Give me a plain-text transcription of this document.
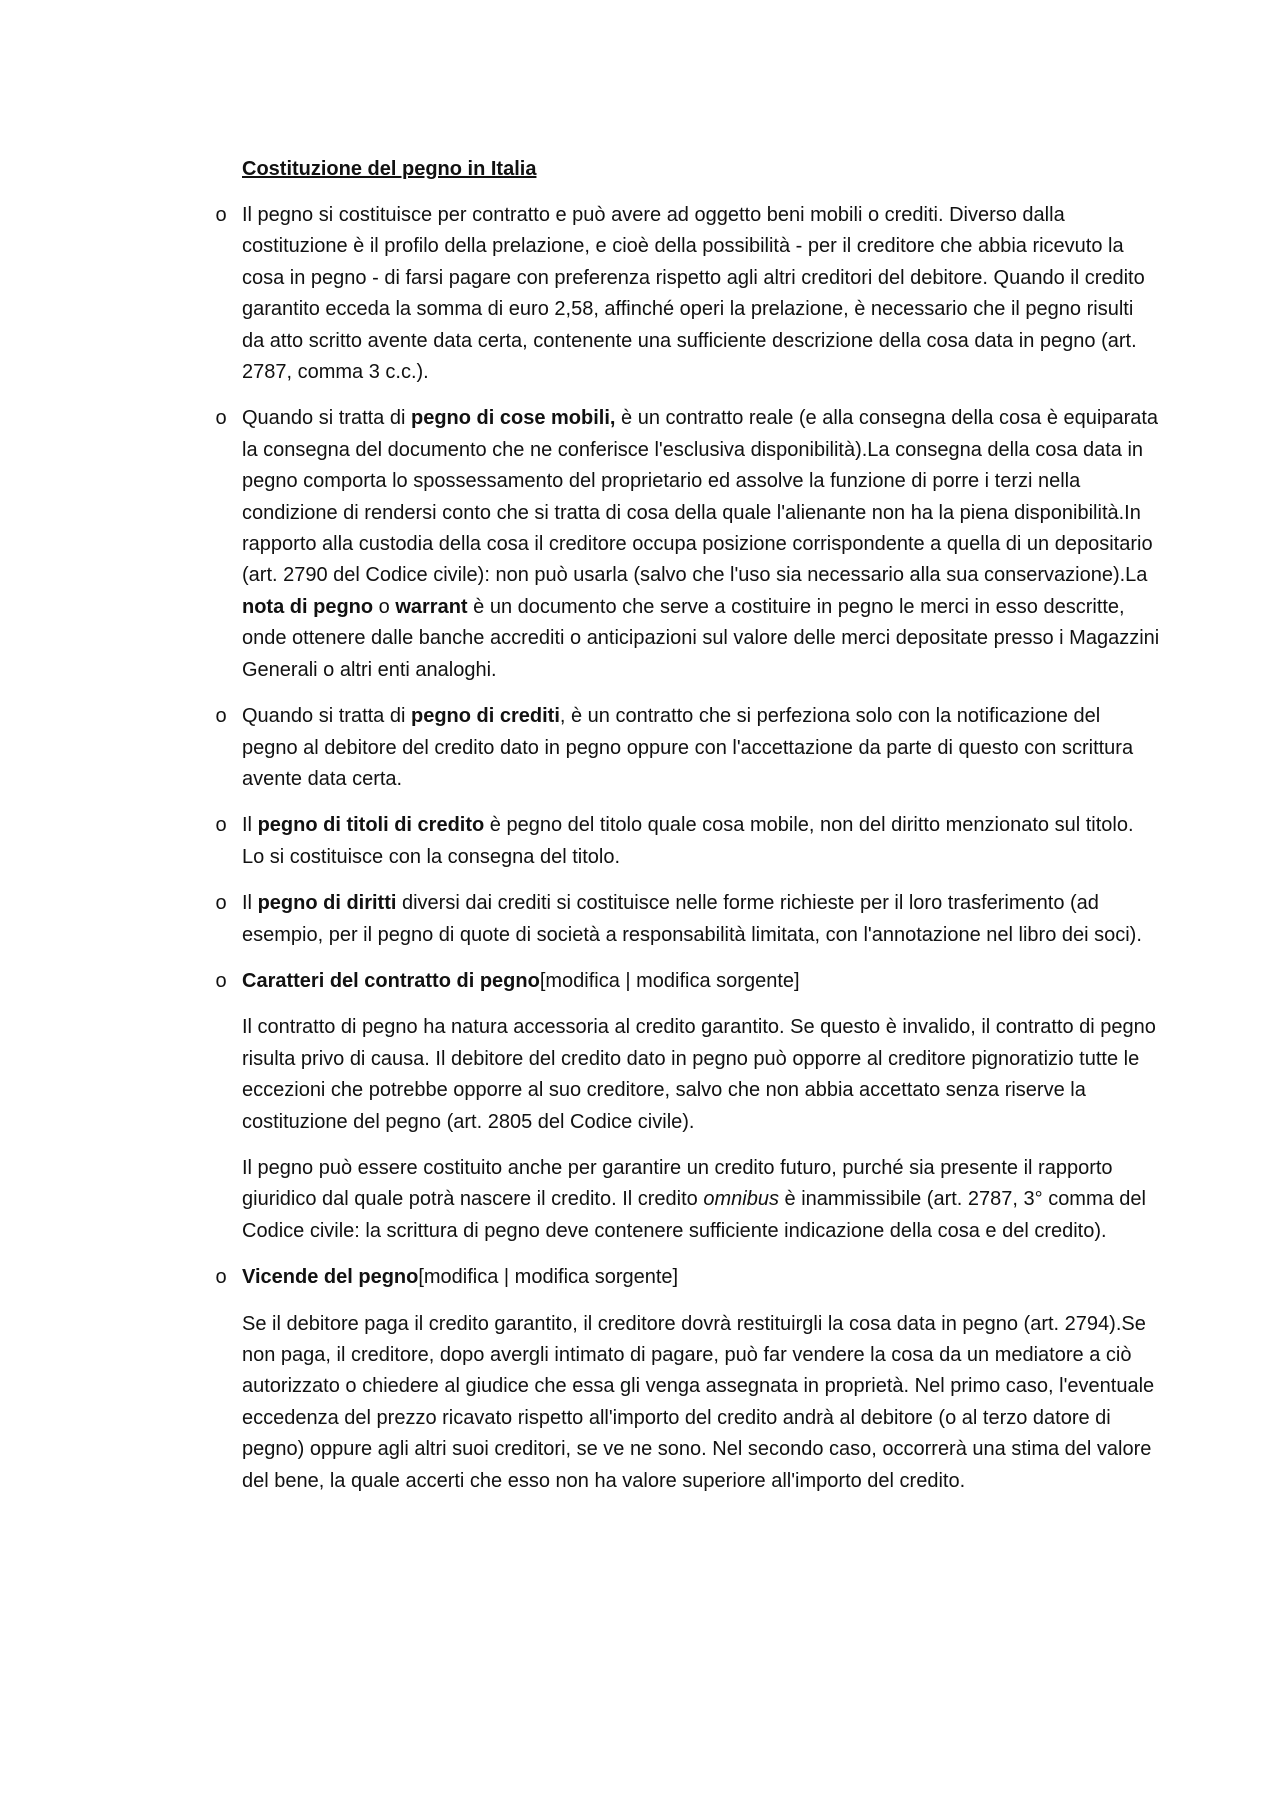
Costituzione del pegno in Italia
o Il pegno si costituisce per contratto e può avere ad oggetto beni mobili o crediti. Diverso dalla costituzione è il profilo della prelazione, e cioè della possibilità - per il creditore che abbia ricevuto la cosa in pegno - di farsi pagare con preferenza rispetto agli altri creditori del debitore. Quando il credito garantito ecceda la somma di euro 2,58, affinché operi la prelazione, è necessario che il pegno risulti da atto scritto avente data certa, contenente una sufficiente descrizione della cosa data in pegno (art. 2787, comma 3 c.c.).

o Quando si tratta di pegno di cose mobili, è un contratto reale (e alla consegna della cosa è equiparata la consegna del documento che ne conferisce l'esclusiva disponibilità).La consegna della cosa data in pegno comporta lo spossessamento del proprietario ed assolve la funzione di porre i terzi nella condizione di rendersi conto che si tratta di cosa della quale l'alienante non ha la piena disponibilità.In rapporto alla custodia della cosa il creditore occupa posizione corrispondente a quella di un depositario (art. 2790 del Codice civile): non può usarla (salvo che l'uso sia necessario alla sua conservazione).La nota di pegno o warrant è un documento che serve a costituire in pegno le merci in esso descritte, onde ottenere dalle banche accrediti o anticipazioni sul valore delle merci depositate presso i Magazzini Generali o altri enti analoghi.

o Quando si tratta di pegno di crediti, è un contratto che si perfeziona solo con la notificazione del pegno al debitore del credito dato in pegno oppure con l'accettazione da parte di questo con scrittura avente data certa.

o Il pegno di titoli di credito è pegno del titolo quale cosa mobile, non del diritto menzionato sul titolo. Lo si costituisce con la consegna del titolo.

o Il pegno di diritti diversi dai crediti si costituisce nelle forme richieste per il loro trasferimento (ad esempio, per il pegno di quote di società a responsabilità limitata, con l'annotazione nel libro dei soci).

o Caratteri del contratto di pegno[modifica | modifica sorgente]

Il contratto di pegno ha natura accessoria al credito garantito. Se questo è invalido, il contratto di pegno risulta privo di causa. Il debitore del credito dato in pegno può opporre al creditore pignoratizio tutte le eccezioni che potrebbe opporre al suo creditore, salvo che non abbia accettato senza riserve la costituzione del pegno (art. 2805 del Codice civile).

Il pegno può essere costituito anche per garantire un credito futuro, purché sia presente il rapporto giuridico dal quale potrà nascere il credito. Il credito omnibus è inammissibile (art. 2787, 3° comma del Codice civile: la scrittura di pegno deve contenere sufficiente indicazione della cosa e del credito).

o Vicende del pegno[modifica | modifica sorgente]

Se il debitore paga il credito garantito, il creditore dovrà restituirgli la cosa data in pegno (art. 2794).Se non paga, il creditore, dopo avergli intimato di pagare, può far vendere la cosa da un mediatore a ciò autorizzato o chiedere al giudice che essa gli venga assegnata in proprietà. Nel primo caso, l'eventuale eccedenza del prezzo ricavato rispetto all'importo del credito andrà al debitore (o al terzo datore di pegno) oppure agli altri suoi creditori, se ve ne sono. Nel secondo caso, occorrerà una stima del valore del bene, la quale accerti che esso non ha valore superiore all'importo del credito.
